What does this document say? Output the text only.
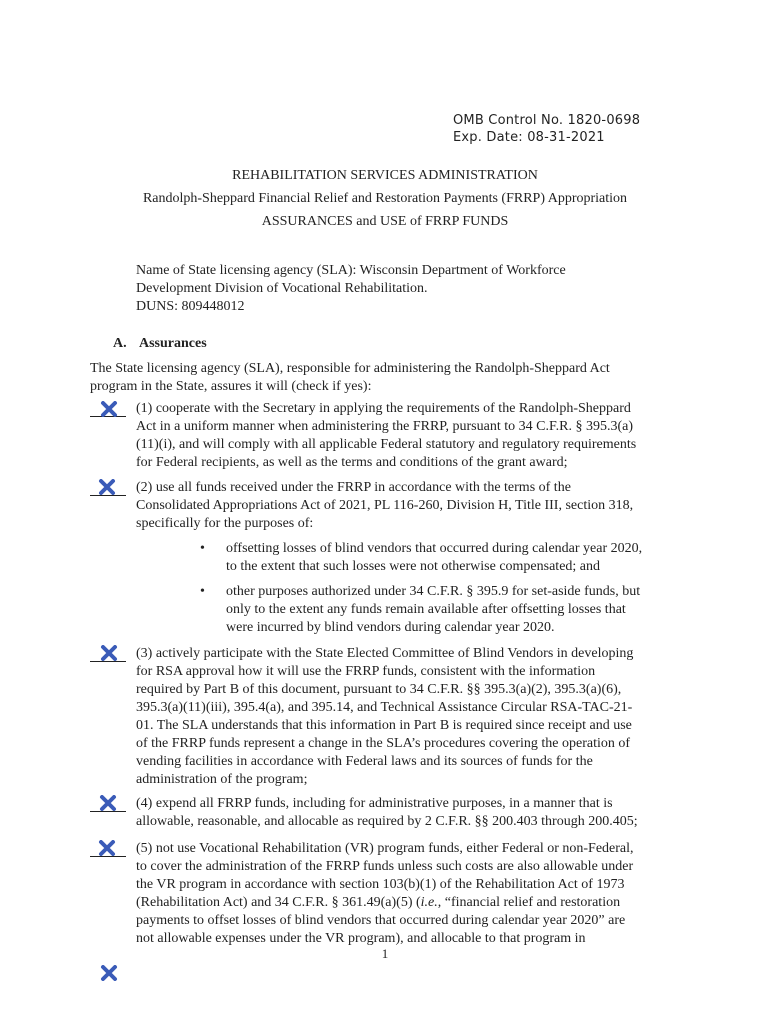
OMB Control No. 1820-0698
Exp. Date: 08-31-2021
REHABILITATION SERVICES ADMINISTRATION
Randolph-Sheppard Financial Relief and Restoration Payments (FRRP) Appropriation
ASSURANCES and USE of FRRP FUNDS
Name of State licensing agency (SLA): Wisconsin Department of Workforce
Development Division of Vocational Rehabilitation.
DUNS: 809448012
A. Assurances
The State licensing agency (SLA), responsible for administering the Randolph-Sheppard Act
program in the State, assures it will (check if yes):
(1) cooperate with the Secretary in applying the requirements of the Randolph-Sheppard
Act in a uniform manner when administering the FRRP, pursuant to 34 C.F.R. § 395.3(a)
(11)(i), and will comply with all applicable Federal statutory and regulatory requirements
for Federal recipients, as well as the terms and conditions of the grant award;
(2) use all funds received under the FRRP in accordance with the terms of the
Consolidated Appropriations Act of 2021, PL 116-260, Division H, Title III, section 318,
specifically for the purposes of:
• offsetting losses of blind vendors that occurred during calendar year 2020,
to the extent that such losses were not otherwise compensated; and
• other purposes authorized under 34 C.F.R. § 395.9 for set-aside funds, but
only to the extent any funds remain available after offsetting losses that
were incurred by blind vendors during calendar year 2020.
(3) actively participate with the State Elected Committee of Blind Vendors in developing
for RSA approval how it will use the FRRP funds, consistent with the information
required by Part B of this document, pursuant to 34 C.F.R. §§ 395.3(a)(2), 395.3(a)(6),
395.3(a)(11)(iii), 395.4(a), and 395.14, and Technical Assistance Circular RSA-TAC-21-
01. The SLA understands that this information in Part B is required since receipt and use
of the FRRP funds represent a change in the SLA’s procedures covering the operation of
vending facilities in accordance with Federal laws and its sources of funds for the
administration of the program;
(4) expend all FRRP funds, including for administrative purposes, in a manner that is
allowable, reasonable, and allocable as required by 2 C.F.R. §§ 200.403 through 200.405;
(5) not use Vocational Rehabilitation (VR) program funds, either Federal or non-Federal,
to cover the administration of the FRRP funds unless such costs are also allowable under
the VR program in accordance with section 103(b)(1) of the Rehabilitation Act of 1973
(Rehabilitation Act) and 34 C.F.R. § 361.49(a)(5) (i.e., “financial relief and restoration
payments to offset losses of blind vendors that occurred during calendar year 2020” are
not allowable expenses under the VR program), and allocable to that program in
1
